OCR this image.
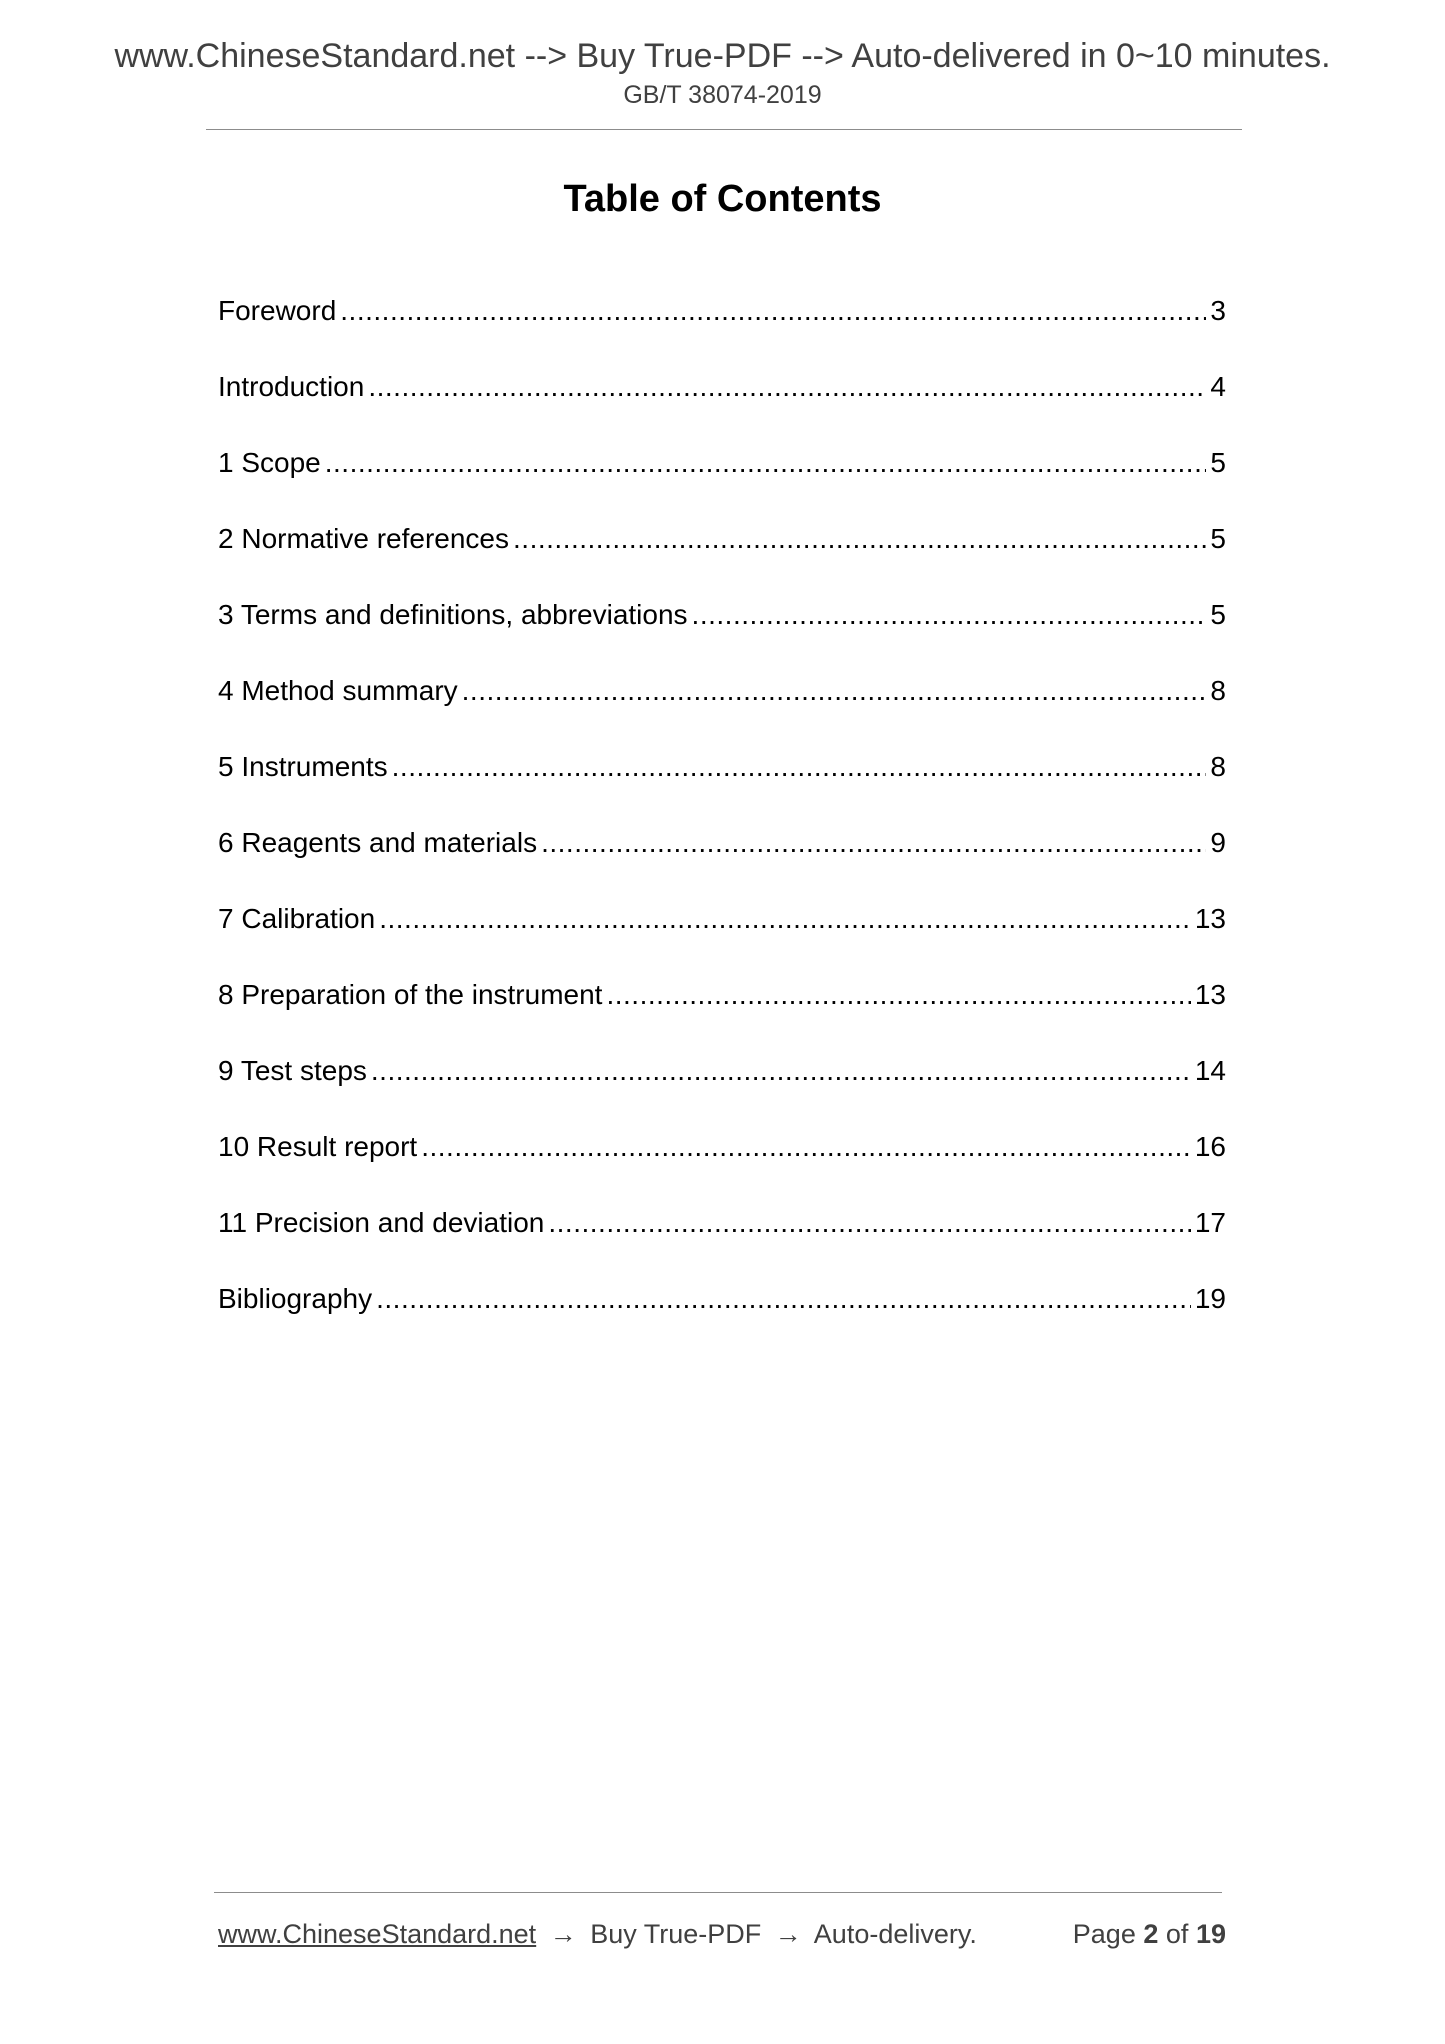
www.ChineseStandard.net --> Buy True-PDF --> Auto-delivered in 0~10 minutes.
GB/T 38074-2019
Table of Contents
Foreword .....	3
Introduction .....	4
1 Scope .....	5
2 Normative references .....	5
3 Terms and definitions, abbreviations .....	5
4 Method summary .....	8
5 Instruments .....	8
6 Reagents and materials .....	9
7 Calibration .....	13
8 Preparation of the instrument .....	13
9 Test steps .....	14
10 Result report .....	16
11 Precision and deviation .....	17
Bibliography .....	19
www.ChineseStandard.net → Buy True-PDF → Auto-delivery.	Page 2 of 19
